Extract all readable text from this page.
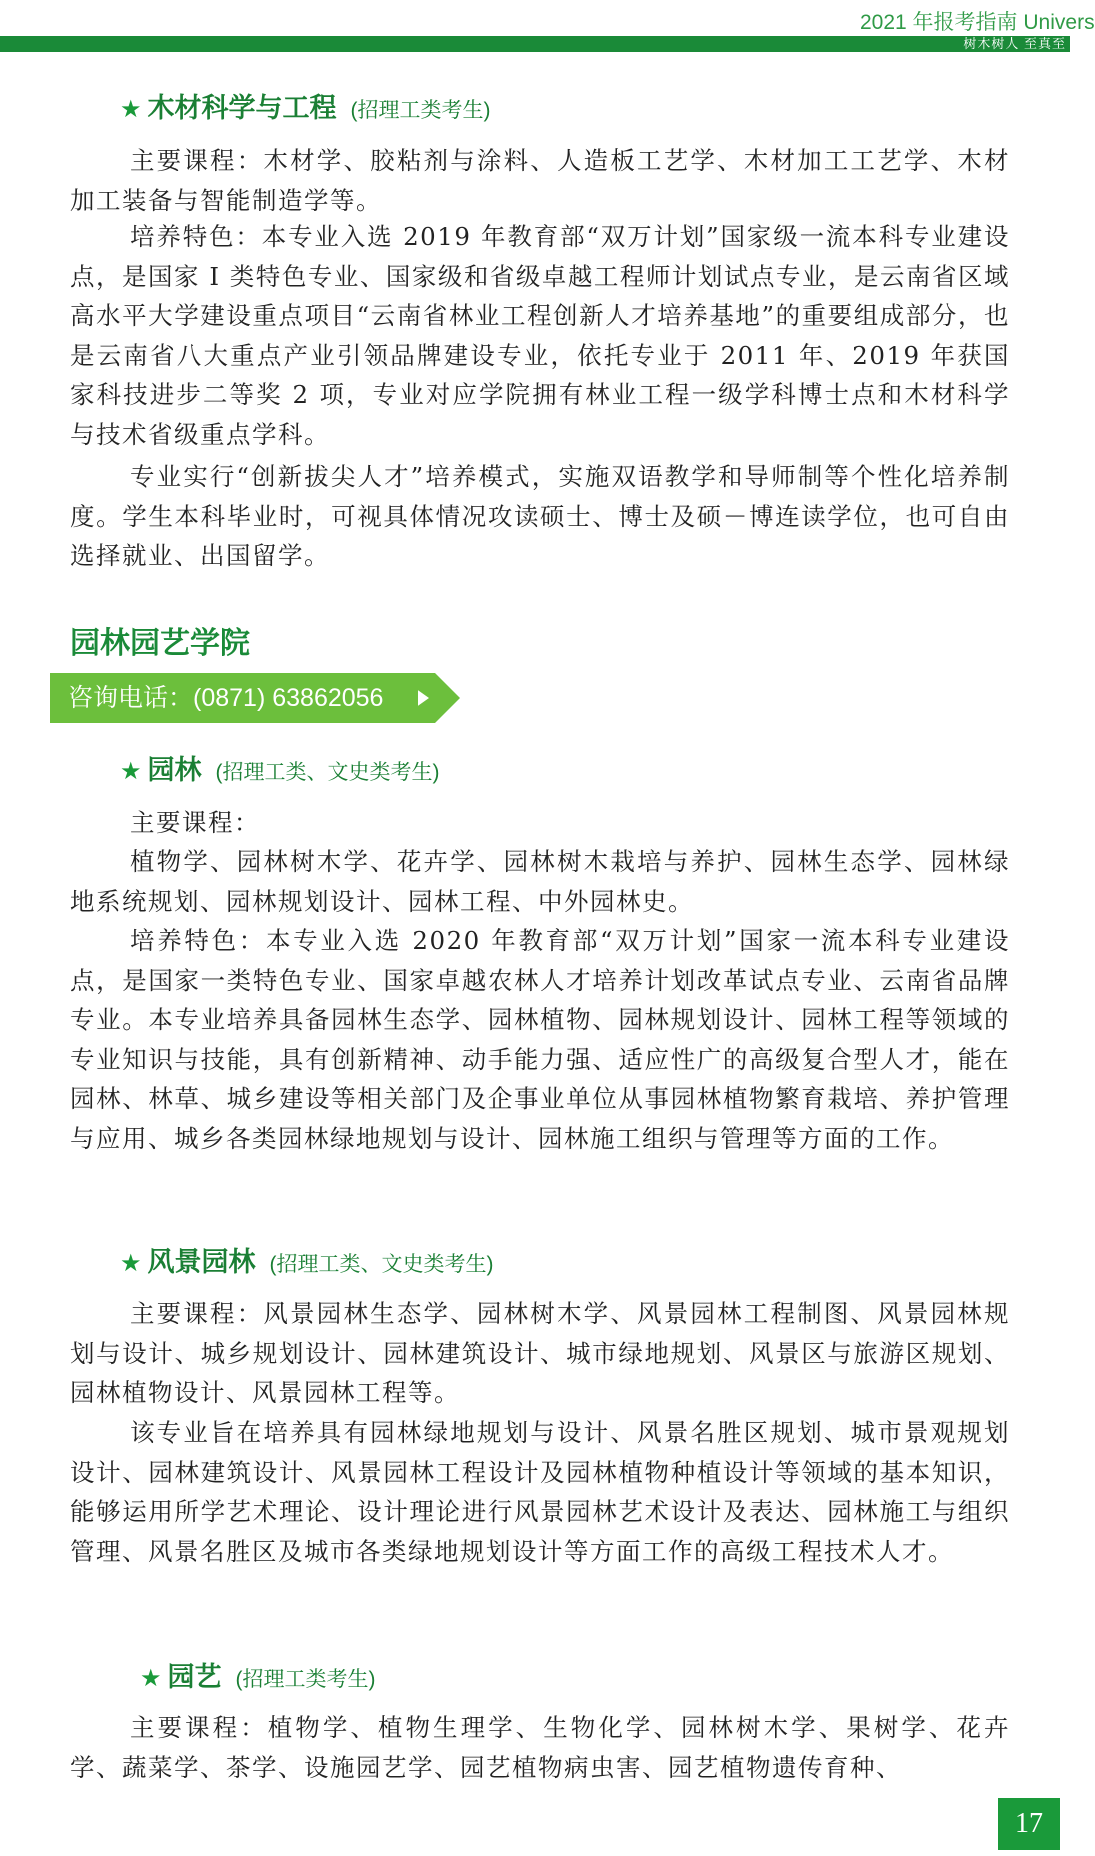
2021 年报考指南 Univers
树木树人 至真至
★ 木材科学与工程 (招理工类考生)

主要课程：木材学、胶粘剂与涂料、人造板工艺学、木材加工工艺学、木材加工装备与智能制造学等。

培养特色：本专业入选 2019 年教育部“双万计划”国家级一流本科专业建设点，是国家 I 类特色专业、国家级和省级卓越工程师计划试点专业，是云南省区域高水平大学建设重点项目“云南省林业工程创新人才培养基地”的重要组成部分，也是云南省八大重点产业引领品牌建设专业，依托专业于 2011 年、2019 年获国家科技进步二等奖 2 项，专业对应学院拥有林业工程一级学科博士点和木材科学与技术省级重点学科。

专业实行“创新拔尖人才”培养模式，实施双语教学和导师制等个性化培养制度。学生本科毕业时，可视具体情况攻读硕士、博士及硕－博连读学位，也可自由选择就业、出国留学。

园林园艺学院
咨询电话：(0871) 63862056
★ 园林 (招理工类、文史类考生)

主要课程：

植物学、园林树木学、花卉学、园林树木栽培与养护、园林生态学、园林绿地系统规划、园林规划设计、园林工程、中外园林史。

培养特色：本专业入选 2020 年教育部“双万计划”国家一流本科专业建设点，是国家一类特色专业、国家卓越农林人才培养计划改革试点专业、云南省品牌专业。本专业培养具备园林生态学、园林植物、园林规划设计、园林工程等领域的专业知识与技能，具有创新精神、动手能力强、适应性广的高级复合型人才，能在园林、林草、城乡建设等相关部门及企事业单位从事园林植物繁育栽培、养护管理与应用、城乡各类园林绿地规划与设计、园林施工组织与管理等方面的工作。

★ 风景园林 (招理工类、文史类考生)

主要课程：风景园林生态学、园林树木学、风景园林工程制图、风景园林规划与设计、城乡规划设计、园林建筑设计、城市绿地规划、风景区与旅游区规划、园林植物设计、风景园林工程等。

该专业旨在培养具有园林绿地规划与设计、风景名胜区规划、城市景观规划设计、园林建筑设计、风景园林工程设计及园林植物种植设计等领域的基本知识，能够运用所学艺术理论、设计理论进行风景园林艺术设计及表达、园林施工与组织管理、风景名胜区及城市各类绿地规划设计等方面工作的高级工程技术人才。

★ 园艺 (招理工类考生)

主要课程：植物学、植物生理学、生物化学、园林树木学、果树学、花卉学、蔬菜学、茶学、设施园艺学、园艺植物病虫害、园艺植物遗传育种、

17
